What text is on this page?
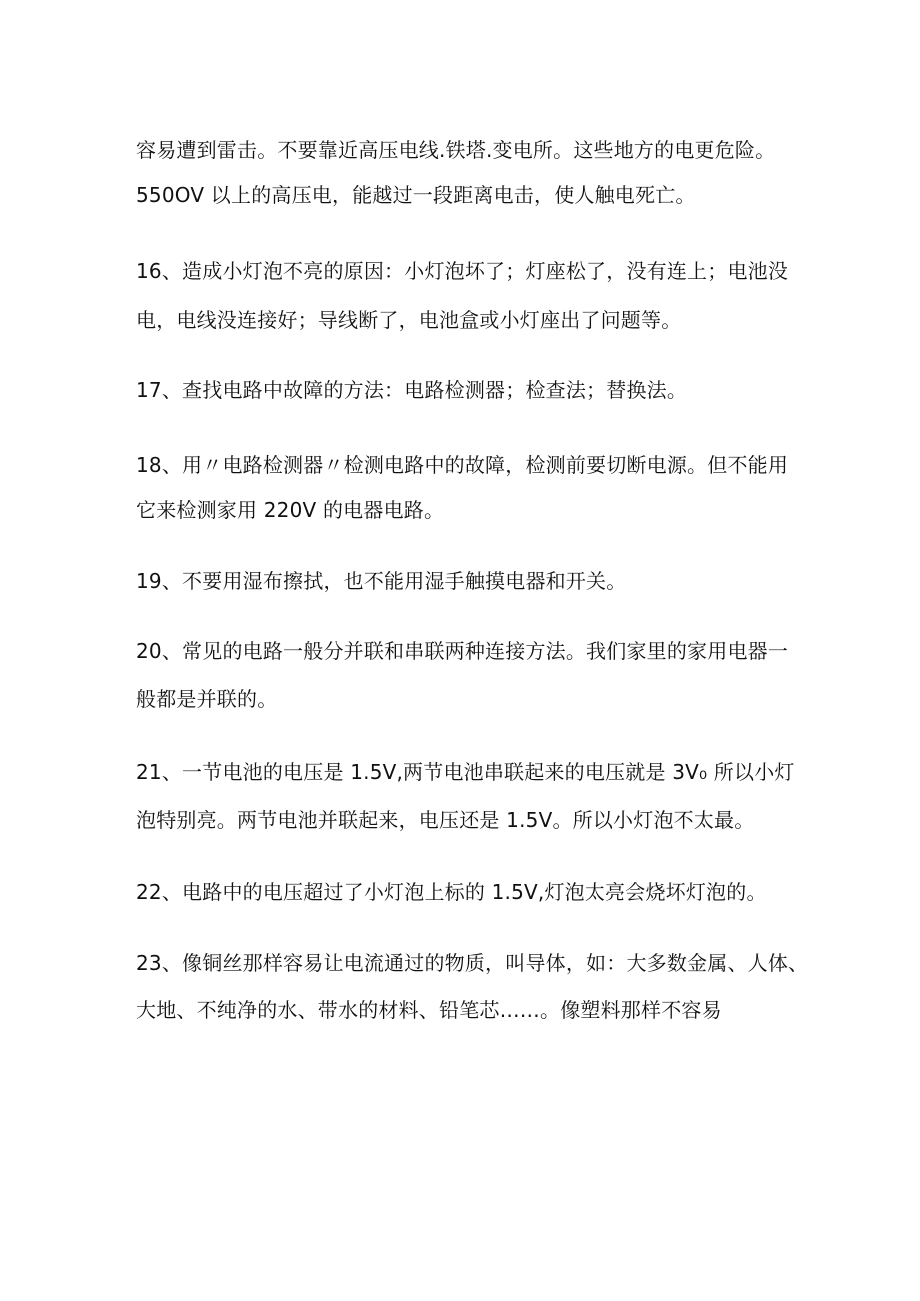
容易遭到雷击。不要靠近高压电线.铁塔.变电所。这些地方的电更危险。
550OV 以上的高压电，能越过一段距离电击，使人触电死亡。
16、造成小灯泡不亮的原因：小灯泡坏了；灯座松了，没有连上；电池没
电，电线没连接好；导线断了，电池盒或小灯座出了问题等。
17、查找电路中故障的方法：电路检测器；检查法；替换法。
18、用〃电路检测器〃检测电路中的故障，检测前要切断电源。但不能用
它来检测家用 220V 的电器电路。
19、不要用湿布擦拭，也不能用湿手触摸电器和开关。
20、常见的电路一般分并联和串联两种连接方法。我们家里的家用电器一
般都是并联的。
21、一节电池的电压是 1.5V,两节电池串联起来的电压就是 3V₀ 所以小灯
泡特别亮。两节电池并联起来，电压还是 1.5V。所以小灯泡不太最。
22、电路中的电压超过了小灯泡上标的 1.5V,灯泡太亮会烧坏灯泡的。
23、像铜丝那样容易让电流通过的物质，叫导体，如：大多数金属、人体、
大地、不纯净的水、带水的材料、铅笔芯……。像塑料那样不容易
